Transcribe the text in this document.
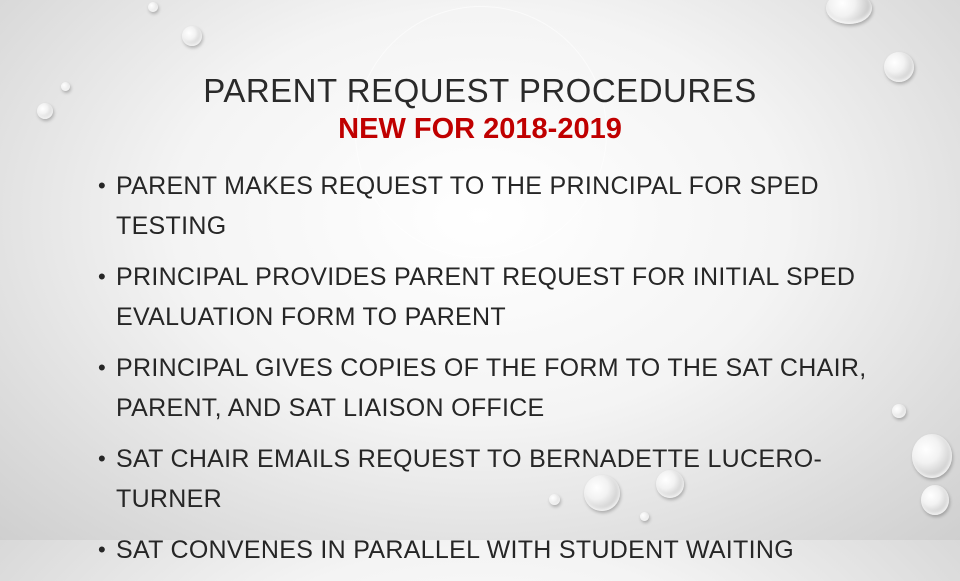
PARENT REQUEST PROCEDURES
NEW FOR 2018-2019
• PARENT MAKES REQUEST TO THE PRINCIPAL FOR SPED TESTING
• PRINCIPAL PROVIDES PARENT REQUEST FOR INITIAL SPED EVALUATION FORM TO PARENT
• PRINCIPAL GIVES COPIES OF THE FORM TO THE SAT CHAIR, PARENT, AND SAT LIAISON OFFICE
• SAT CHAIR EMAILS REQUEST TO BERNADETTE LUCERO-TURNER
• SAT CONVENES IN PARALLEL WITH STUDENT WAITING
